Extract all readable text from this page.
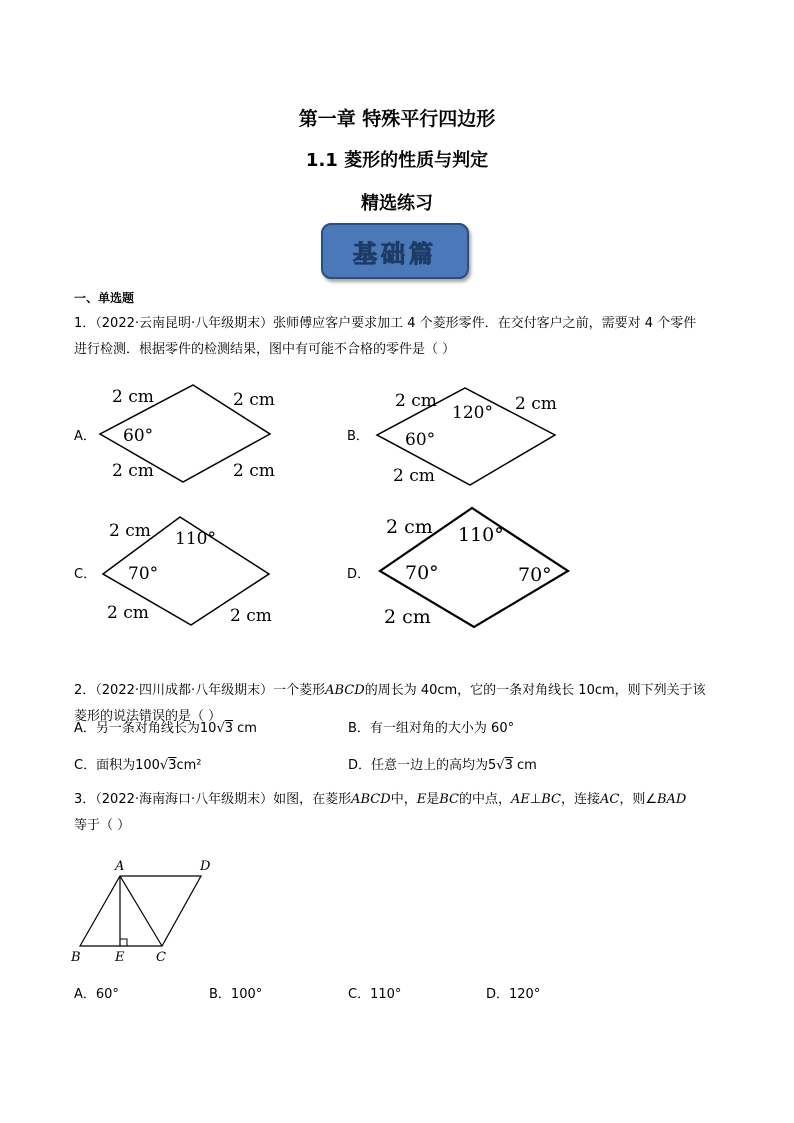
第一章 特殊平行四边形
1.1 菱形的性质与判定
精选练习
基础篇
一、单选题
1．（2022·云南昆明·八年级期末）张师傅应客户要求加工 4 个菱形零件．在交付客户之前，需要对 4 个零件
进行检测．根据零件的检测结果，图中有可能不合格的零件是（ ）
A．
2 cm	2 cm
60°
2 cm	2 cm
B．
2 cm
120° 2 cm
60°
2 cm
C．
2 cm 110°
70°
2 cm	2 cm
D．
2 cm 110°
70°	70°
2 cm
2．（2022·四川成都·八年级期末）一个菱形ABCD的周长为 40cm，它的一条对角线长 10cm，则下列关于该
菱形的说法错误的是（ ）
A．另一条对角线长为10√3 cm	B．有一组对角的大小为 60°
C．面积为100√3cm²	D．任意一边上的高均为5√3 cm
3．（2022·海南海口·八年级期末）如图，在菱形ABCD中，E是BC的中点，AE⊥BC，连接AC，则∠BAD
等于（ ）
A	D
B	E C
A．60°	B．100°	C．110°	D．120°
